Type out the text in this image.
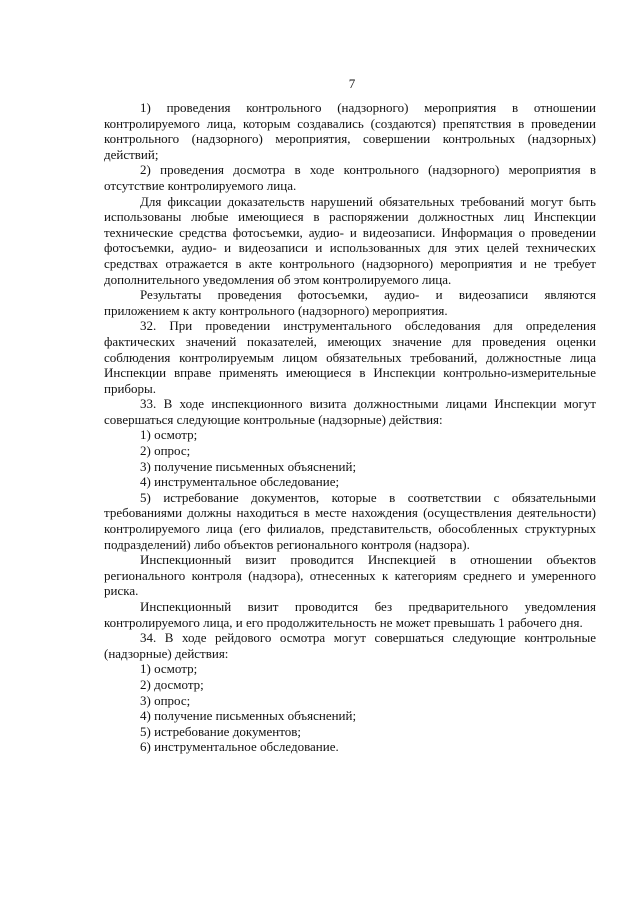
7

1) проведения контрольного (надзорного) мероприятия в отношении контролируемого лица, которым создавались (создаются) препятствия в проведении контрольного (надзорного) мероприятия, совершении контрольных (надзорных) действий;

2) проведения досмотра в ходе контрольного (надзорного) мероприятия в отсутствие контролируемого лица.

Для фиксации доказательств нарушений обязательных требований могут быть использованы любые имеющиеся в распоряжении должностных лиц Инспекции технические средства фотосъемки, аудио- и видеозаписи. Информация о проведении фотосъемки, аудио- и видеозаписи и использованных для этих целей технических средствах отражается в акте контрольного (надзорного) мероприятия и не требует дополнительного уведомления об этом контролируемого лица.

Результаты проведения фотосъемки, аудио- и видеозаписи являются приложением к акту контрольного (надзорного) мероприятия.

32. При проведении инструментального обследования для определения фактических значений показателей, имеющих значение для проведения оценки соблюдения контролируемым лицом обязательных требований, должностные лица Инспекции вправе применять имеющиеся в Инспекции контрольно-измерительные приборы.

33. В ходе инспекционного визита должностными лицами Инспекции могут совершаться следующие контрольные (надзорные) действия:

1) осмотр;

2) опрос;

3) получение письменных объяснений;

4) инструментальное обследование;

5) истребование документов, которые в соответствии с обязательными требованиями должны находиться в месте нахождения (осуществления деятельности) контролируемого лица (его филиалов, представительств, обособленных структурных подразделений) либо объектов регионального контроля (надзора).

Инспекционный визит проводится Инспекцией в отношении объектов регионального контроля (надзора), отнесенных к категориям среднего и умеренного риска.

Инспекционный визит проводится без предварительного уведомления контролируемого лица, и его продолжительность не может превышать 1 рабочего дня.

34. В ходе рейдового осмотра могут совершаться следующие контрольные (надзорные) действия:

1) осмотр;

2) досмотр;

3) опрос;

4) получение письменных объяснений;

5) истребование документов;

6) инструментальное обследование.
